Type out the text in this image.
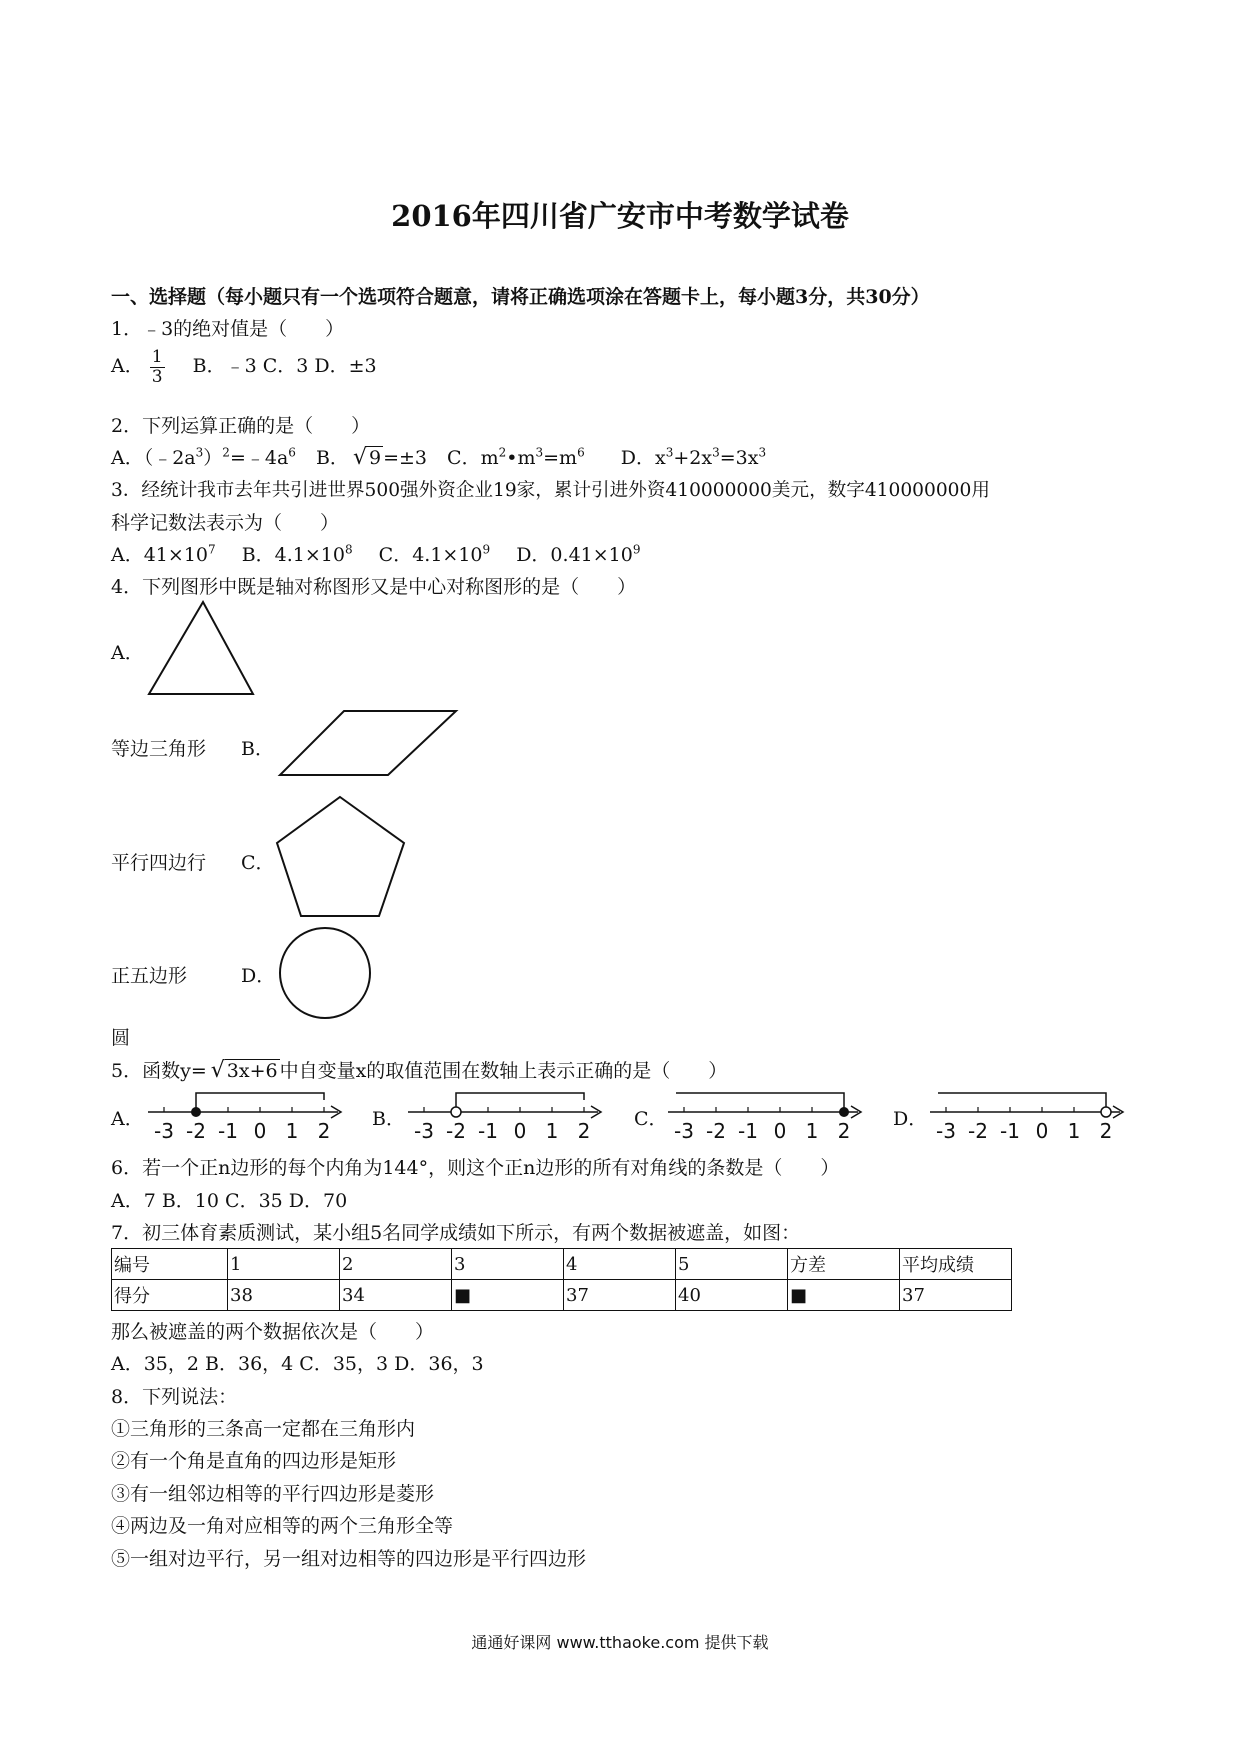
2016年四川省广安市中考数学试卷
一、选择题（每小题只有一个选项符合题意，请将正确选项涂在答题卡上，每小题3分，共30分）
1．﹣3的绝对值是（　　）
A． $\frac{1}{3}$ B．﹣3 C．3 D．±3
2．下列运算正确的是（　　）
A．$(﹣2a^3)^2=﹣4a^6$ B． √ 9 =±3 C．$m^2•m^3=m^6$ D．$x^3+2x^3=3x^3$
3．经统计我市去年共引进世界500强外资企业19家，累计引进外资410000000美元，数字410000000用
科学记数法表示为（　　）
A．$41\times 10^7$ B．$4.1\times 10^8$ C．$4.1\times 10^9$ D．$0.41\times 10^9$
4．下列图形中既是轴对称图形又是中心对称图形的是（　　）
A．
等边三角形 B．
平行四边行 C．
正五边形	D．
圆
5．函数y= √ 3x+6 中自变量x的取值范围在数轴上表示正确的是（　　）
A． -3 -2 -1 0 1 2 B． -3 -2 -1 0 1 2 C． -3 -2 -1 0 1 2 D． -3 -2 -1 0 1 2
6．若一个正n边形的每个内角为144°，则这个正n边形的所有对角线的条数是（　　）
A．7 B．10 C．35 D．70
7．初三体育素质测试，某小组5名同学成绩如下所示，有两个数据被遮盖，如图：
编号	1	2	3	4	5	方差	平均成绩
得分	38	34	■	37	40	■	37
那么被遮盖的两个数据依次是（　　）
A．35，2 B．36，4 C．35，3 D．36，3
8．下列说法：
①三角形的三条高一定都在三角形内
②有一个角是直角的四边形是矩形
③有一组邻边相等的平行四边形是菱形
④两边及一角对应相等的两个三角形全等
⑤一组对边平行，另一组对边相等的四边形是平行四边形
通通好课网 www.tthaoke.com 提供下载
